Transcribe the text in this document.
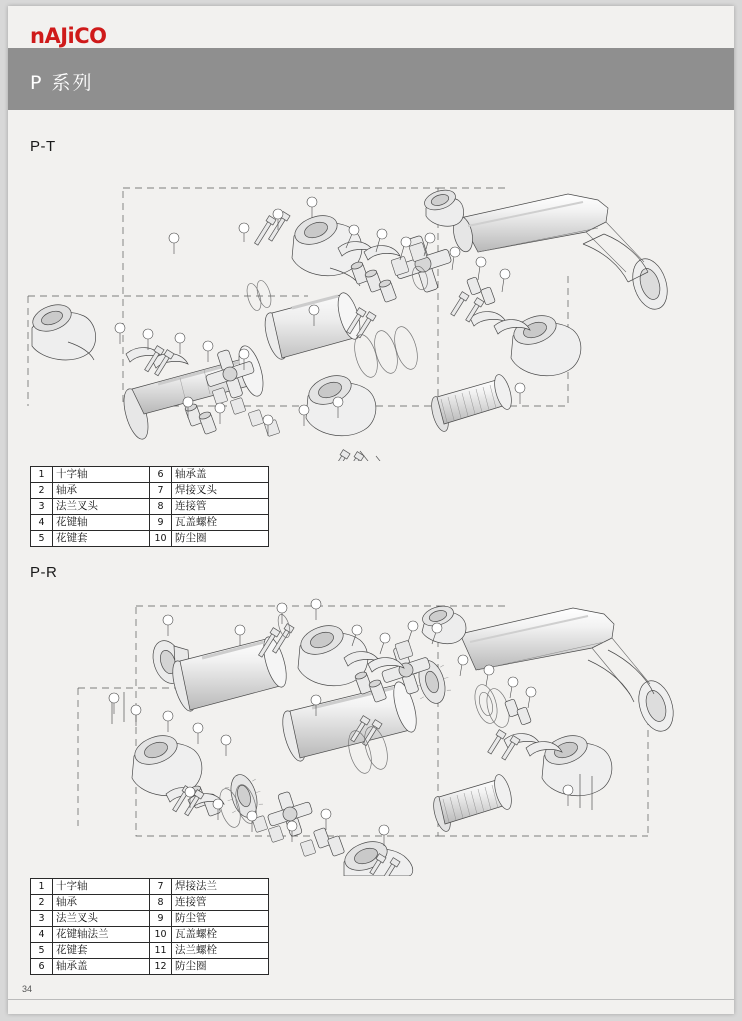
nAJiCO
P 系列
P-T
P-R
1	十字轴	6	轴承盖
2	轴承	7	焊接叉头
3	法兰叉头	8	连接管
4	花键轴	9	瓦盖螺栓
5	花键套	10	防尘圈
1	十字轴	7	焊接法兰
2	轴承	8	连接管
3	法兰叉头	9	防尘管
4	花键轴法兰	10	瓦盖螺栓
5	花键套	11	法兰螺栓
6	轴承盖	12	防尘圈
34
